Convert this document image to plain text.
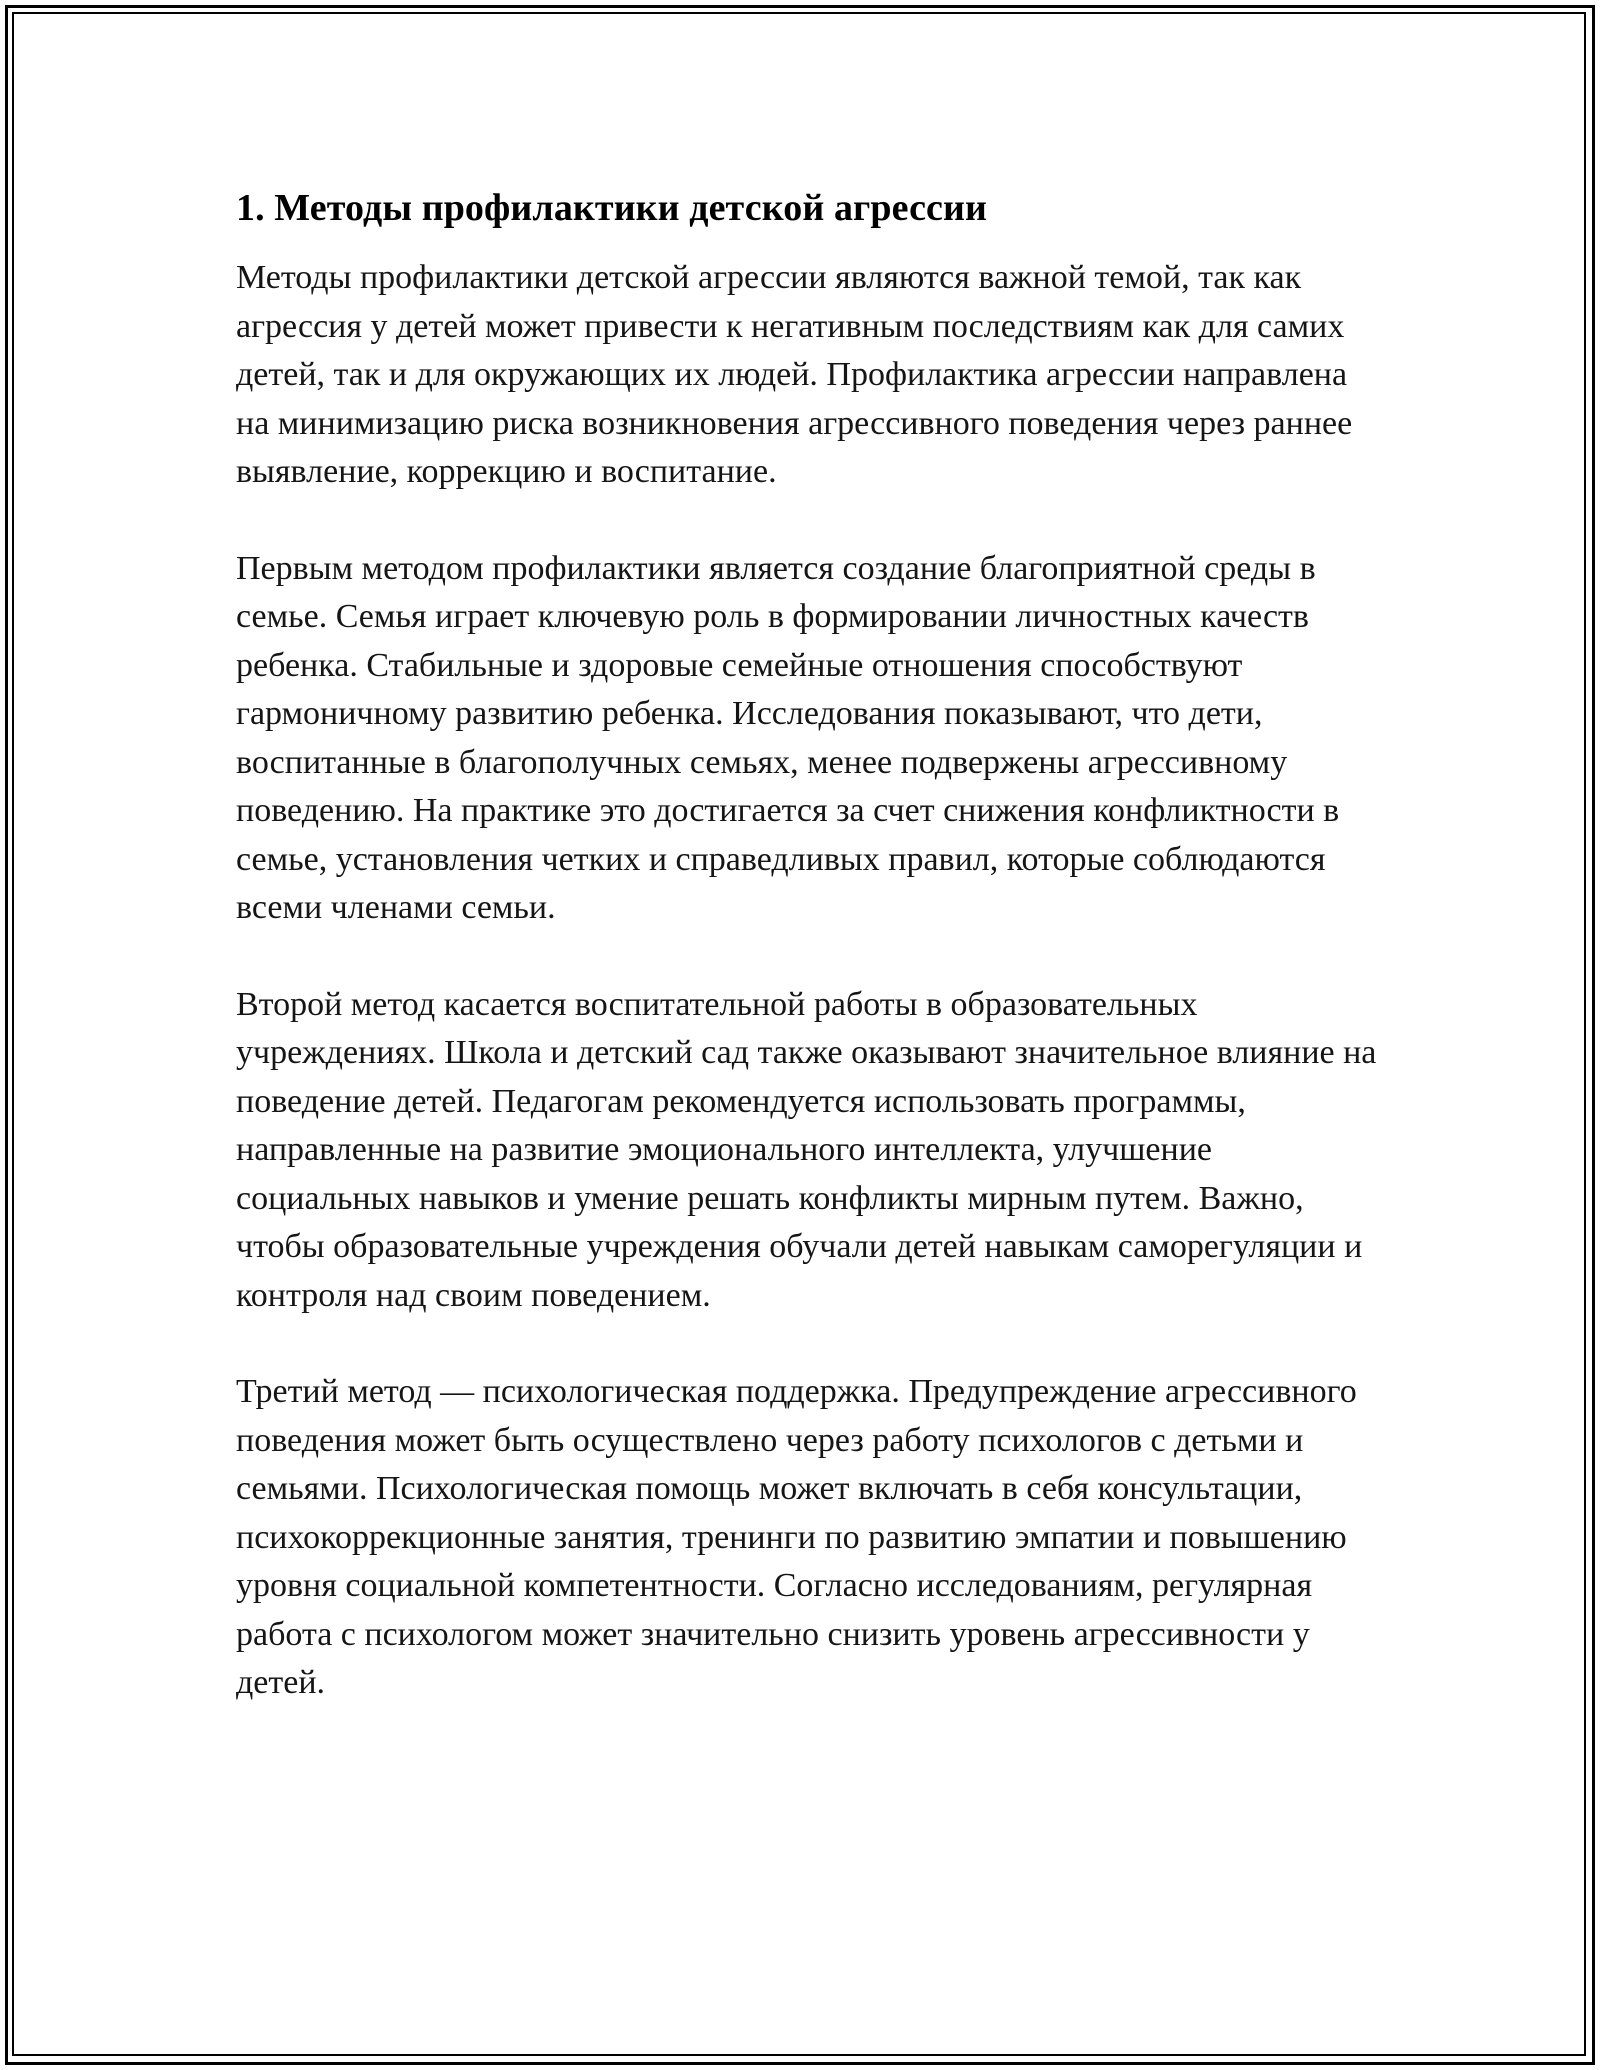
1. Методы профилактики детской агрессии

Методы профилактики детской агрессии являются важной темой, так как агрессия у детей может привести к негативным последствиям как для самих детей, так и для окружающих их людей. Профилактика агрессии направлена на минимизацию риска возникновения агрессивного поведения через раннее выявление, коррекцию и воспитание.

Первым методом профилактики является создание благоприятной среды в семье. Семья играет ключевую роль в формировании личностных качеств ребенка. Стабильные и здоровые семейные отношения способствуют гармоничному развитию ребенка. Исследования показывают, что дети, воспитанные в благополучных семьях, менее подвержены агрессивному поведению. На практике это достигается за счет снижения конфликтности в семье, установления четких и справедливых правил, которые соблюдаются всеми членами семьи.

Второй метод касается воспитательной работы в образовательных учреждениях. Школа и детский сад также оказывают значительное влияние на поведение детей. Педагогам рекомендуется использовать программы, направленные на развитие эмоционального интеллекта, улучшение социальных навыков и умение решать конфликты мирным путем. Важно, чтобы образовательные учреждения обучали детей навыкам саморегуляции и контроля над своим поведением.

Третий метод — психологическая поддержка. Предупреждение агрессивного поведения может быть осуществлено через работу психологов с детьми и семьями. Психологическая помощь может включать в себя консультации, психокоррекционные занятия, тренинги по развитию эмпатии и повышению уровня социальной компетентности. Согласно исследованиям, регулярная работа с психологом может значительно снизить уровень агрессивности у детей.
